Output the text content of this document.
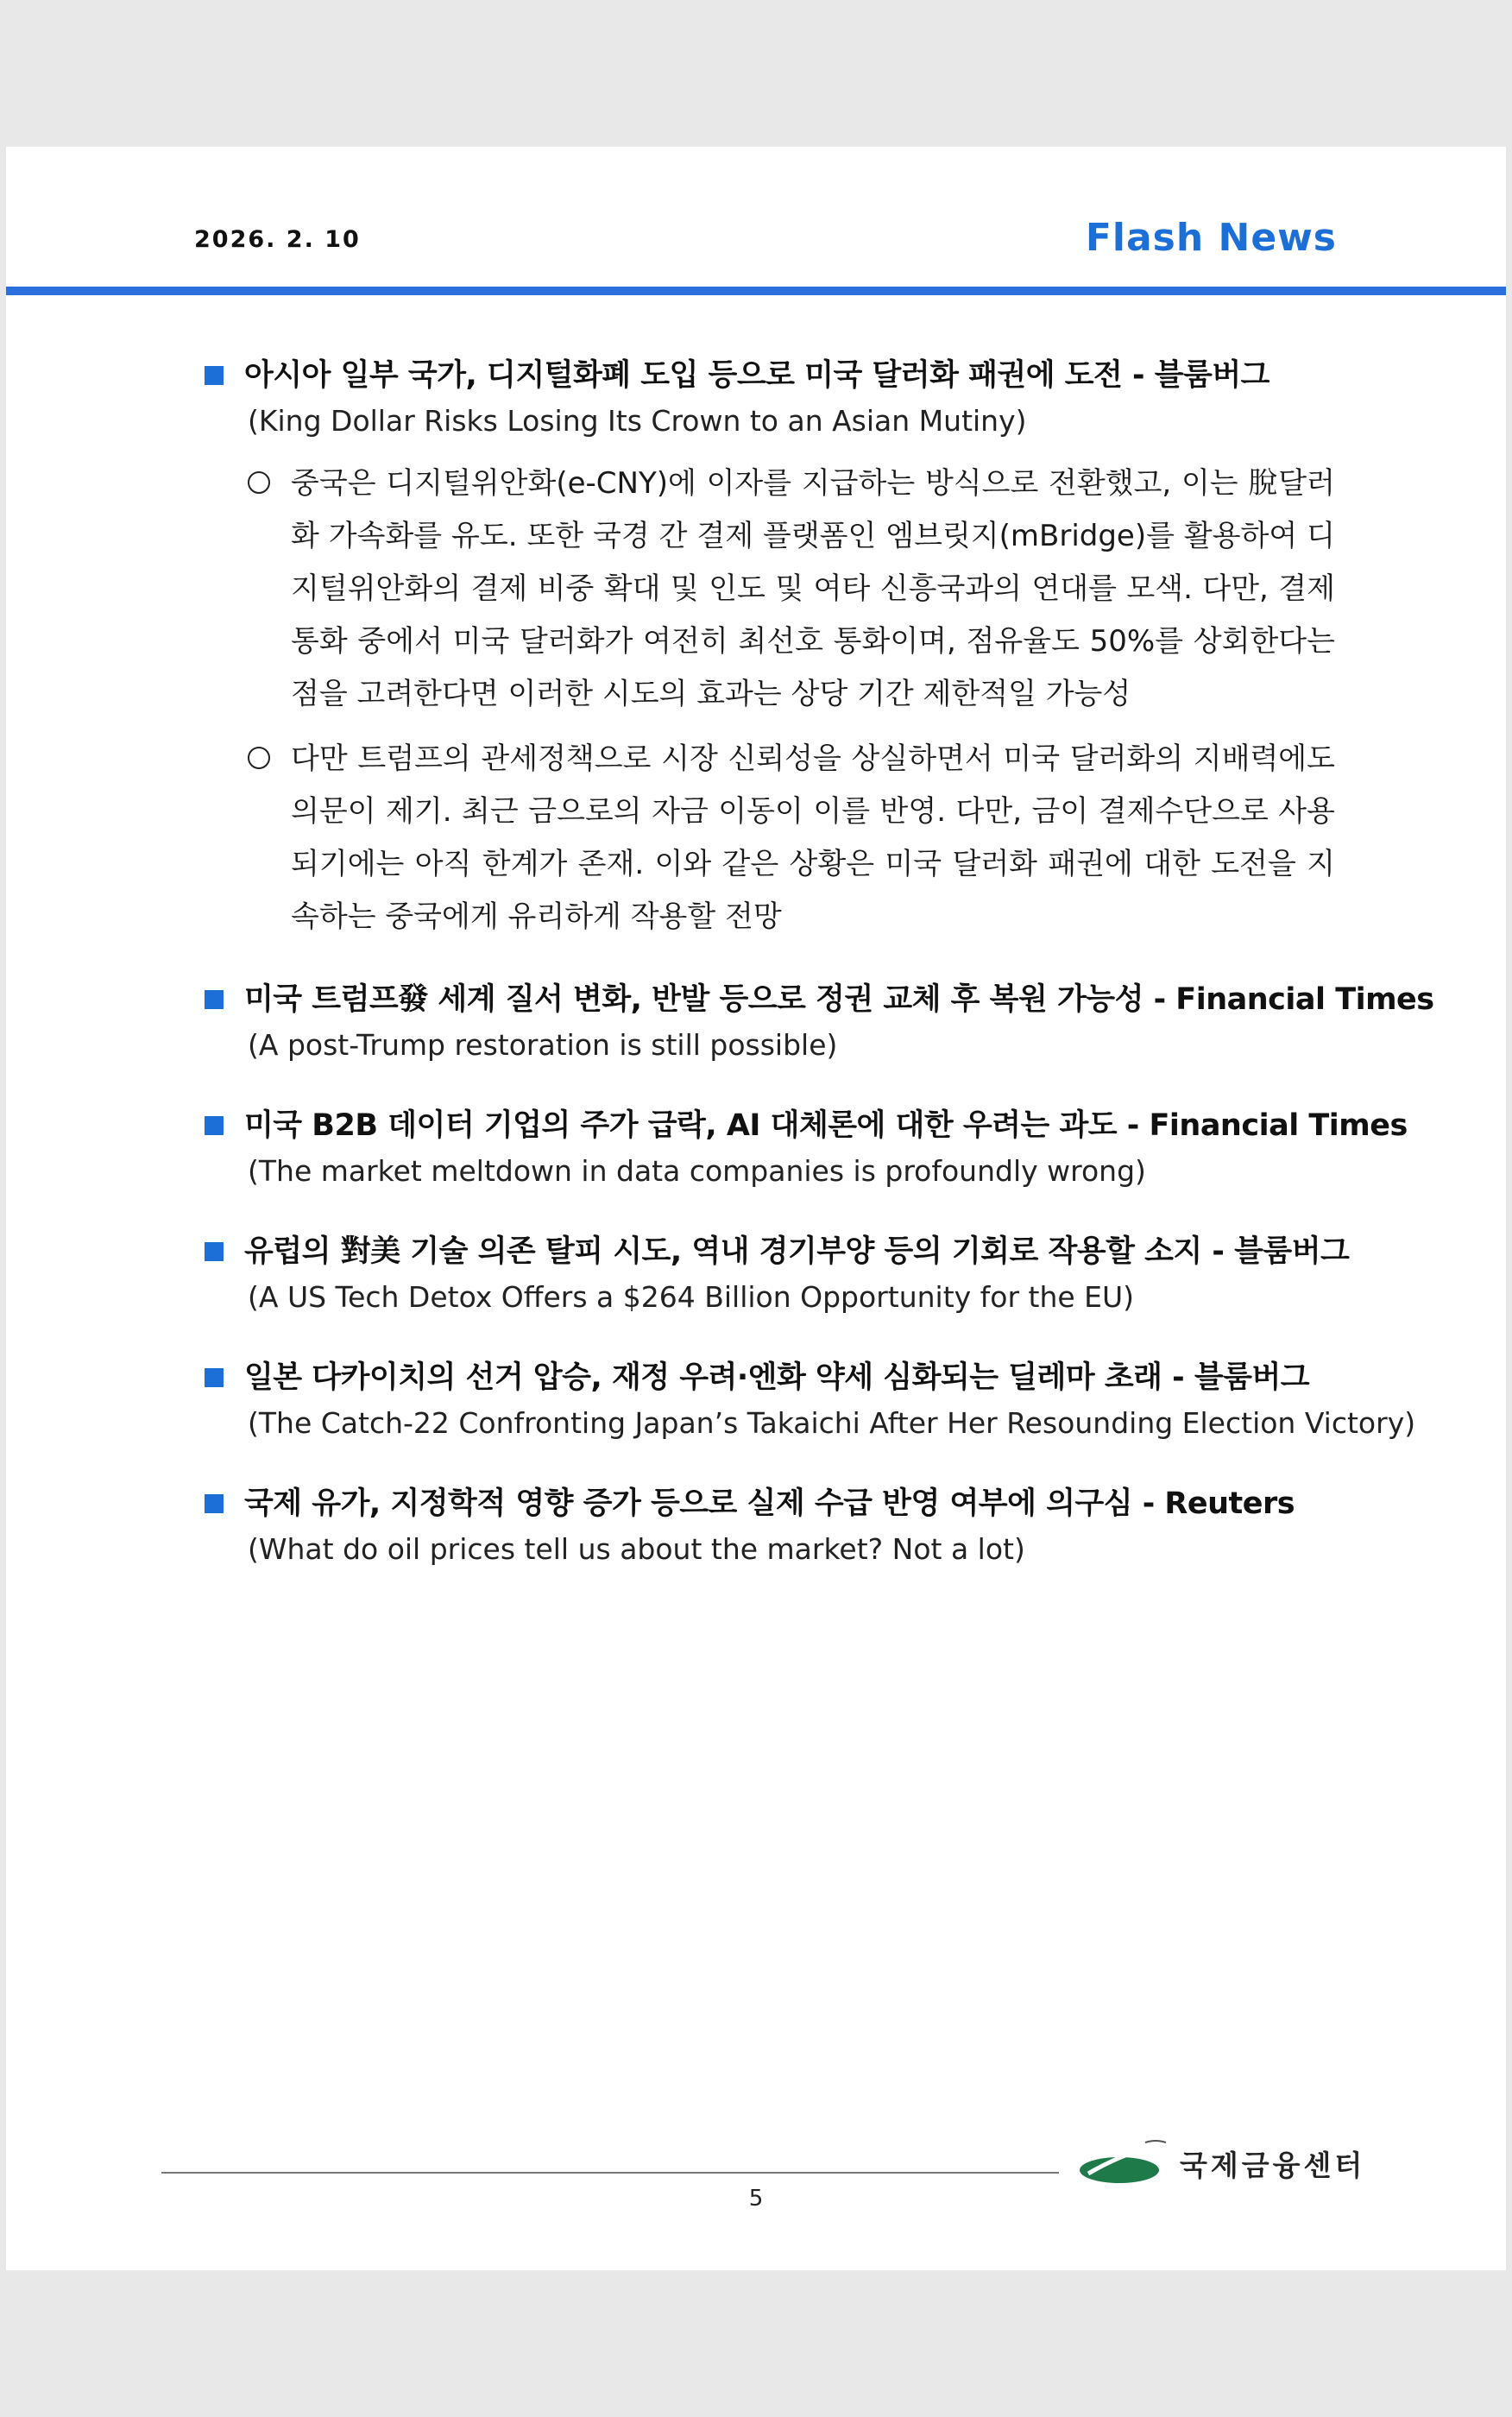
2026. 2. 10	Flash News
아시아 일부 국가, 디지털화폐 도입 등으로 미국 달러화 패권에 도전 - 블룸버그
(King Dollar Risks Losing Its Crown to an Asian Mutiny)
중국은 디지털위안화(e-CNY)에 이자를 지급하는 방식으로 전환했고, 이는 脫달러화 가속화를 유도. 또한 국경 간 결제 플랫폼인 엠브릿지(mBridge)를 활용하여 디지털위안화의 결제 비중 확대 및 인도 및 여타 신흥국과의 연대를 모색. 다만, 결제 통화 중에서 미국 달러화가 여전히 최선호 통화이며, 점유율도 50%를 상회한다는 점을 고려한다면 이러한 시도의 효과는 상당 기간 제한적일 가능성
다만 트럼프의 관세정책으로 시장 신뢰성을 상실하면서 미국 달러화의 지배력에도 의문이 제기. 최근 금으로의 자금 이동이 이를 반영. 다만, 금이 결제수단으로 사용되기에는 아직 한계가 존재. 이와 같은 상황은 미국 달러화 패권에 대한 도전을 지속하는 중국에게 유리하게 작용할 전망
미국 트럼프發 세계 질서 변화, 반발 등으로 정권 교체 후 복원 가능성 - Financial Times
(A post-Trump restoration is still possible)
미국 B2B 데이터 기업의 주가 급락, AI 대체론에 대한 우려는 과도 - Financial Times
(The market meltdown in data companies is profoundly wrong)
유럽의 對美 기술 의존 탈피 시도, 역내 경기부양 등의 기회로 작용할 소지 - 블룸버그
(A US Tech Detox Offers a $264 Billion Opportunity for the EU)
일본 다카이치의 선거 압승, 재정 우려·엔화 약세 심화되는 딜레마 초래 - 블룸버그
(The Catch-22 Confronting Japan’s Takaichi After Her Resounding Election Victory)
국제 유가, 지정학적 영향 증가 등으로 실제 수급 반영 여부에 의구심 - Reuters
(What do oil prices tell us about the market? Not a lot)
5
국제금융센터
